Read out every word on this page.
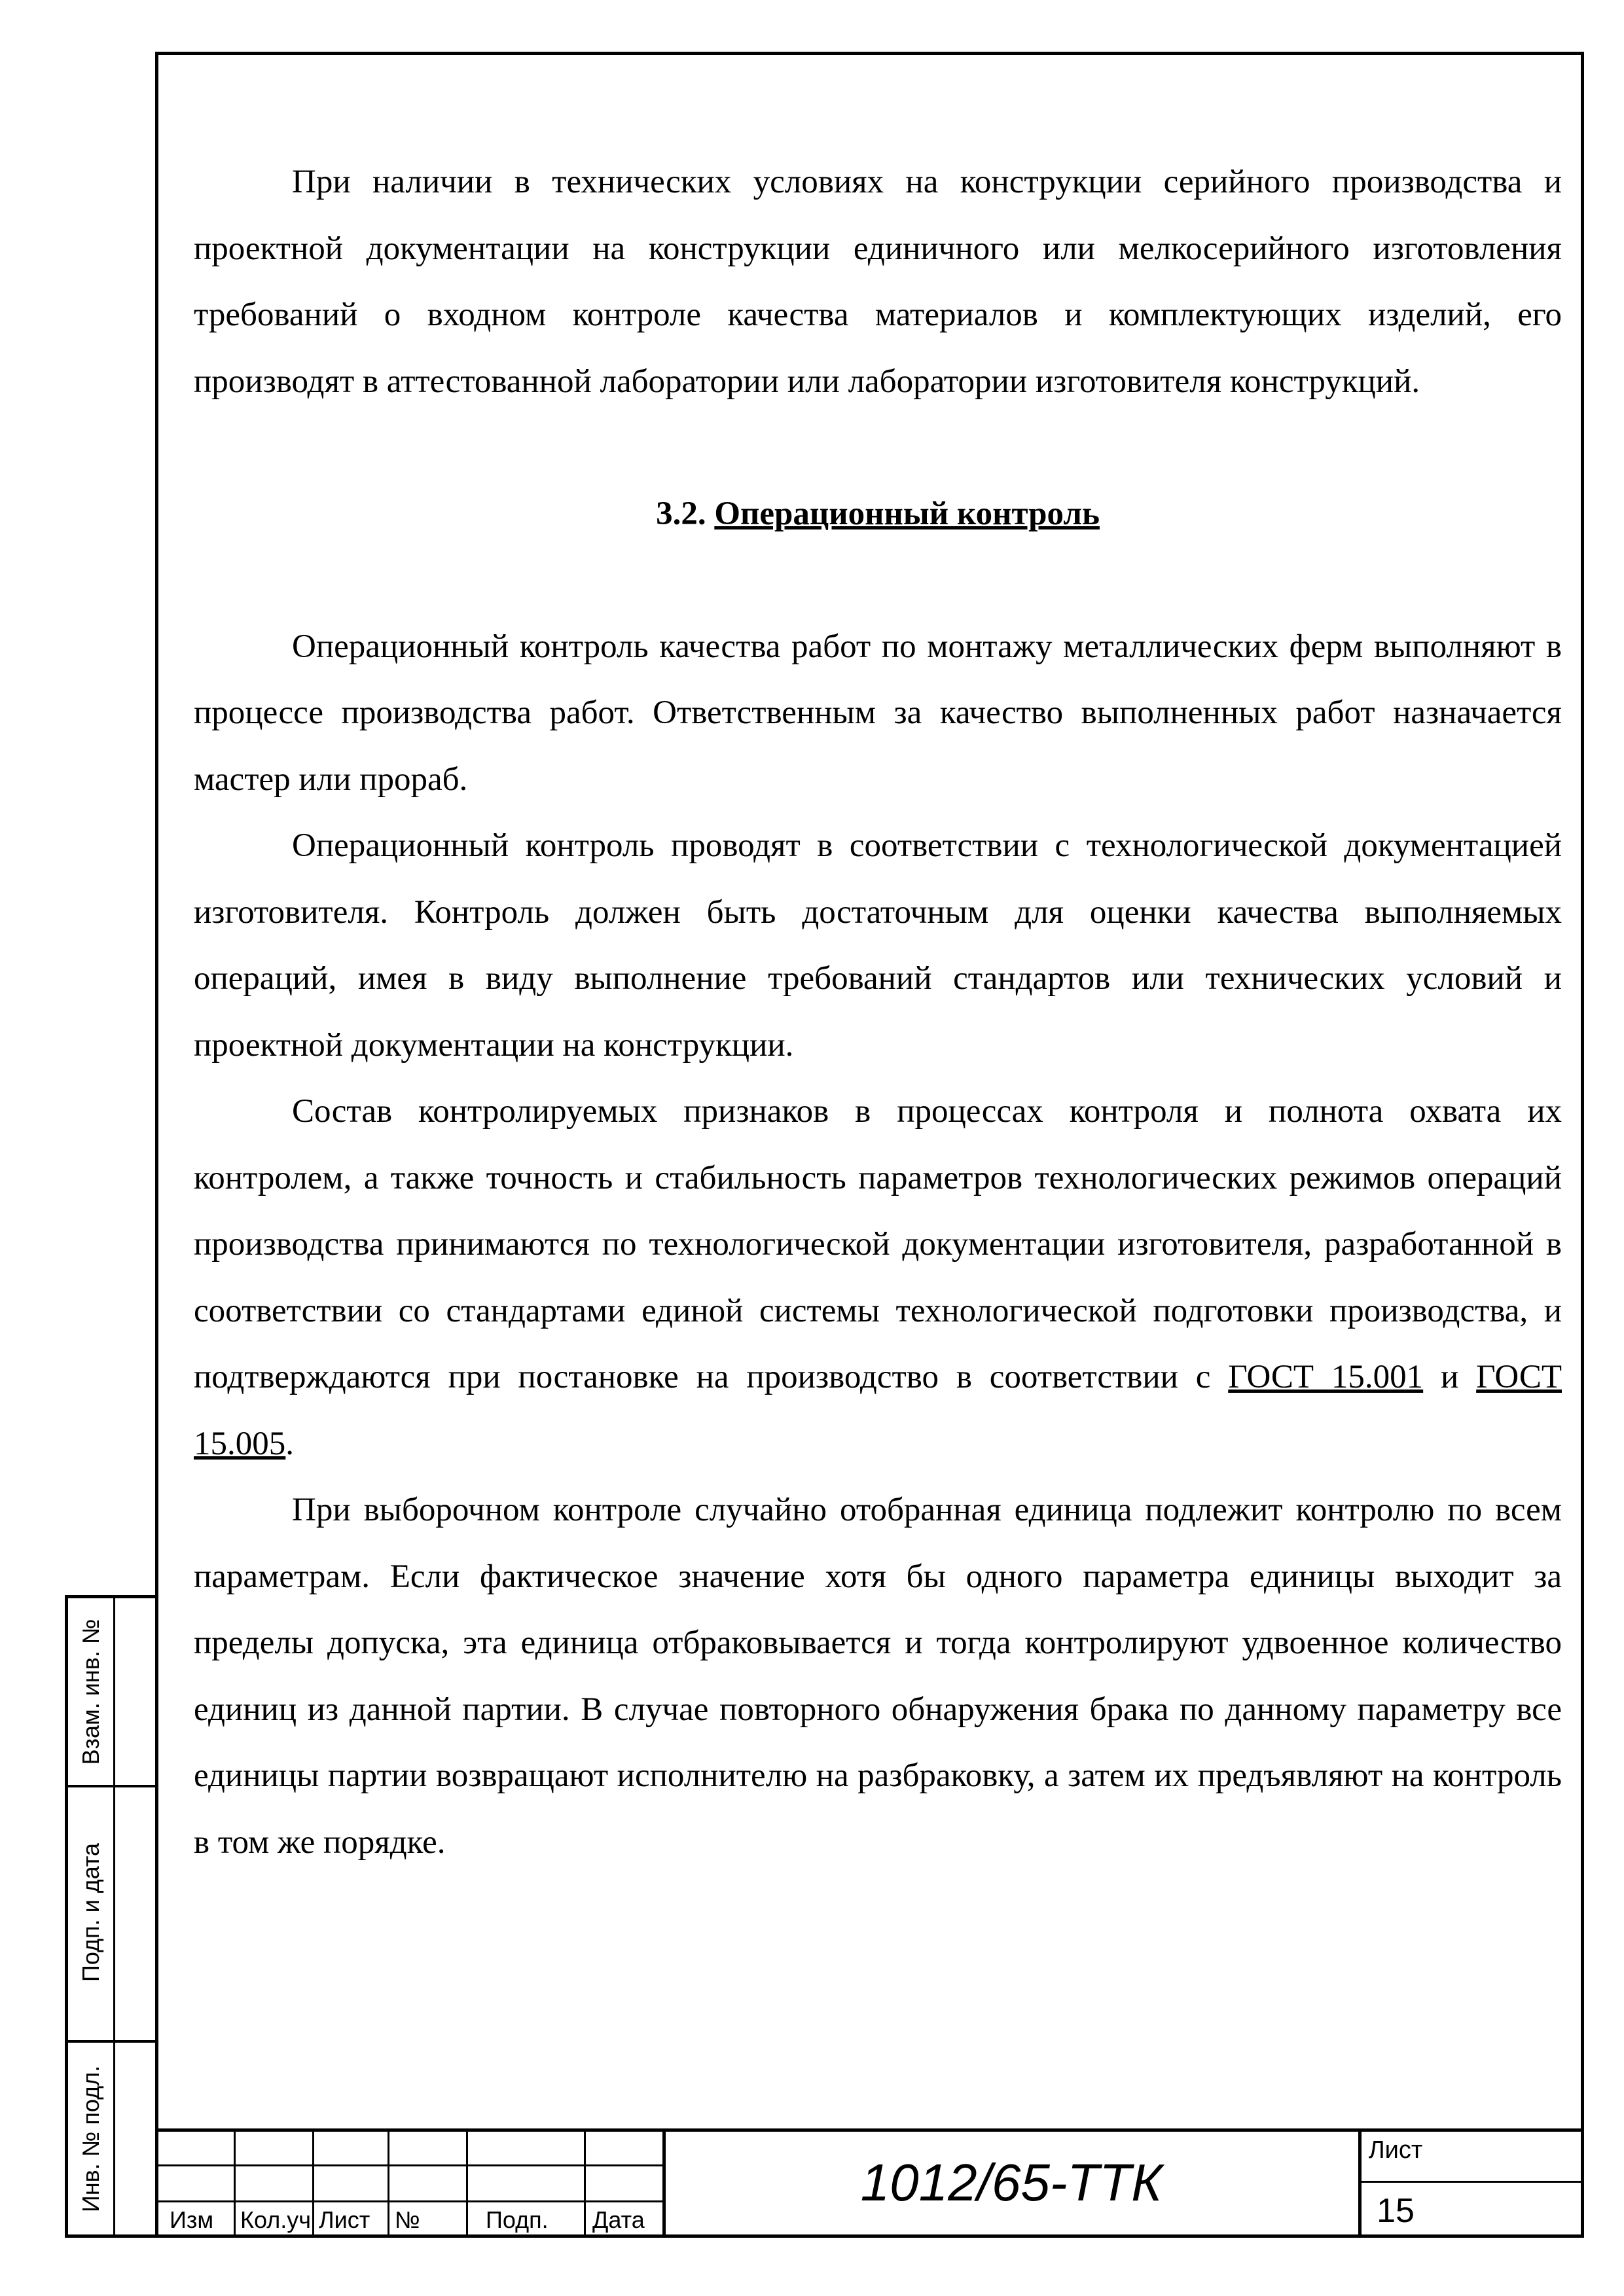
При наличии в технических условиях на конструкции серийного производства и проектной документации на конструкции единичного или мелкосерийного изготовления требований о входном контроле качества материалов и комплектующих изделий, его производят в аттестованной лаборатории или лаборатории изготовителя конструкций.

3.2. Операционный контроль

Операционный контроль качества работ по монтажу металлических ферм выполняют в процессе производства работ. Ответственным за качество выполненных работ назначается мастер или прораб.

Операционный контроль проводят в соответствии с технологической документацией изготовителя. Контроль должен быть достаточным для оценки качества выполняемых операций, имея в виду выполнение требований стандартов или технических условий и проектной документации на конструкции.

Состав контролируемых признаков в процессах контроля и полнота охвата их контролем, а также точность и стабильность параметров технологических режимов операций производства принимаются по технологической документации изготовителя, разработанной в соответствии со стандартами единой системы технологической подготовки производства, и подтверждаются при постановке на производство в соответствии с ГОСТ 15.001 и ГОСТ 15.005.

При выборочном контроле случайно отобранная единица подлежит контролю по всем параметрам. Если фактическое значение хотя бы одного параметра единицы выходит за пределы допуска, эта единица отбраковывается и тогда контролируют удвоенное количество единиц из данной партии. В случае повторного обнаружения брака по данному параметру все единицы партии возвращают исполнителю на разбраковку, а затем их предъявляют на контроль в том же порядке.

Взам. инв. №
Подп. и дата
Инв. № подл.
Изм Кол.уч Лист №	Подп. Дата
1012/65-ТТК
Лист
15
